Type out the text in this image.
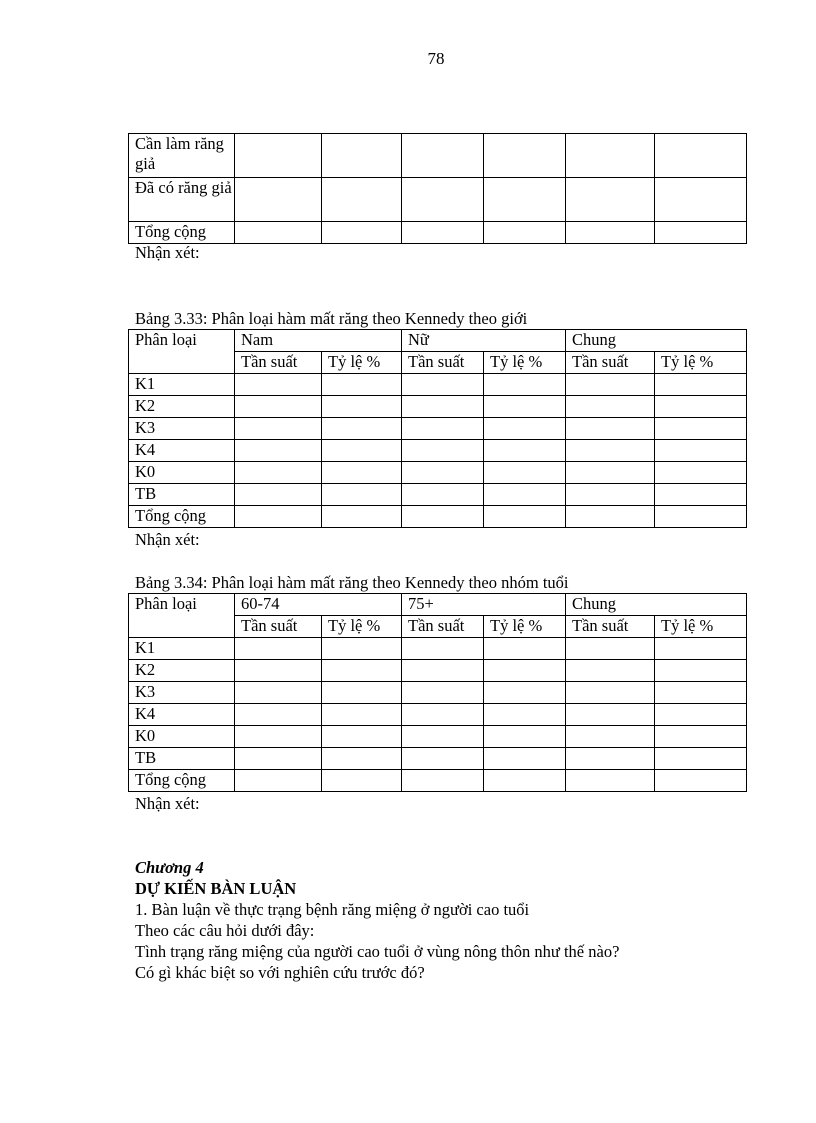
78
Cần làm răng giả						
Đã có răng giả						
Tổng cộng						
Nhận xét:
Bảng 3.33: Phân loại hàm mất răng theo Kennedy theo giới
Phân loại	Nam		Nữ		Chung	
	Tần suất	Tỷ lệ %	Tần suất	Tỷ lệ %	Tần suất	Tỷ lệ %
K1						
K2						
K3						
K4						
K0						
TB						
Tổng cộng						
Nhận xét:
Bảng 3.34: Phân loại hàm mất răng theo Kennedy theo nhóm tuổi
Phân loại	60-74		75+		Chung	
	Tần suất	Tỷ lệ %	Tần suất	Tỷ lệ %	Tần suất	Tỷ lệ %
K1						
K2						
K3						
K4						
K0						
TB						
Tổng cộng						
Nhận xét:
Chương 4
DỰ KIẾN BÀN LUẬN
1. Bàn luận về thực trạng bệnh răng miệng ở người cao tuổi
Theo các câu hỏi dưới đây:
Tình trạng răng miệng của người cao tuổi ở vùng nông thôn như thế nào?
Có gì khác biệt so với nghiên cứu trước đó?
